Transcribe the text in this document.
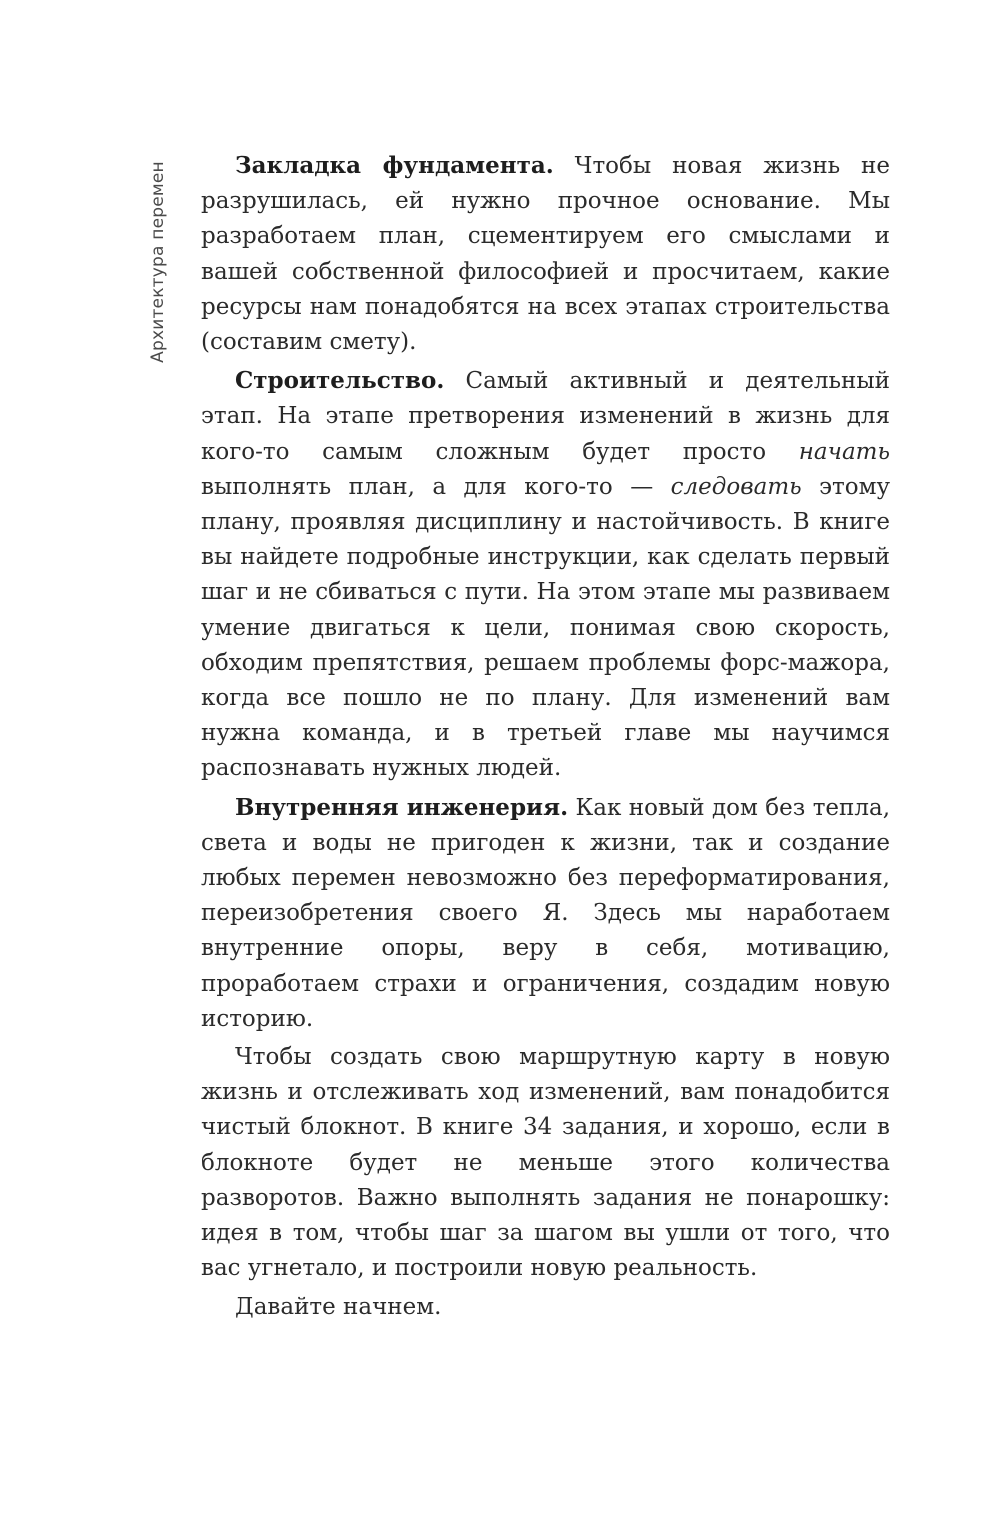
Архитектура перемен	Закладка фундамента. Чтобы новая жизнь не разрушилась, ей нужно прочное основание. Мы разработаем план, сцементируем его смыслами и вашей собственной философией и просчитаем, какие ресурсы нам понадобятся на всех этапах строительства (составим смету).

Строительство. Самый активный и деятельный этап. На этапе претворения изменений в жизнь для кого-то самым сложным будет просто начать выполнять план, а для кого-то — следовать этому плану, проявляя дисциплину и настойчивость. В книге вы найдете подробные инструкции, как сделать первый шаг и не сбиваться с пути. На этом этапе мы развиваем умение двигаться к цели, понимая свою скорость, обходим препятствия, решаем проблемы форс-мажора, когда все пошло не по плану. Для изменений вам нужна команда, и в третьей главе мы научимся распознавать нужных людей.

Внутренняя инженерия. Как новый дом без тепла, света и воды не пригоден к жизни, так и создание любых перемен невозможно без переформатирования, переизобретения своего Я. Здесь мы наработаем внутренние опоры, веру в себя, мотивацию, проработаем страхи и ограничения, создадим новую историю.

Чтобы создать свою маршрутную карту в новую жизнь и отслеживать ход изменений, вам понадобится чистый блокнот. В книге 34 задания, и хорошо, если в блокноте будет не меньше этого количества разворотов. Важно выполнять задания не понарошку: идея в том, чтобы шаг за шагом вы ушли от того, что вас угнетало, и построили новую реальность.

Давайте начнем.
